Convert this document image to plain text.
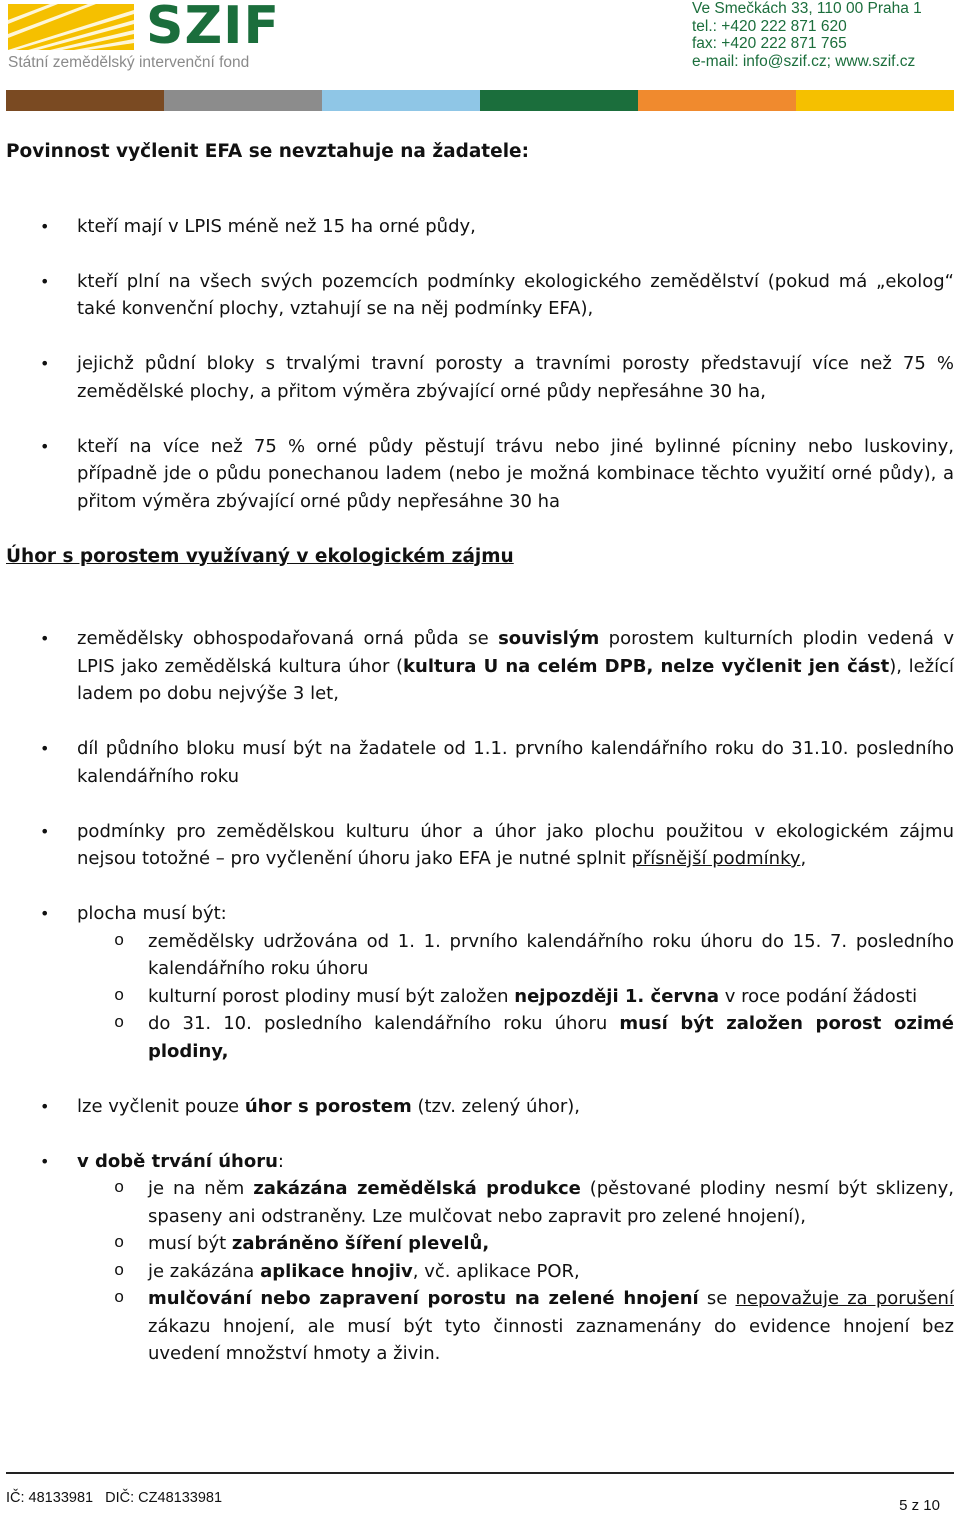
SZIF
Státní zemědělský intervenční fond
Ve Smečkách 33, 110 00 Praha 1
tel.: +420 222 871 620
fax: +420 222 871 765
e-mail: info@szif.cz; www.szif.cz
Povinnost vyčlenit EFA se nevztahuje na žadatele:
• kteří mají v LPIS méně než 15 ha orné půdy,
• kteří plní na všech svých pozemcích podmínky ekologického zemědělství (pokud má „ekolog“ také konvenční plochy, vztahují se na něj podmínky EFA),
• jejichž půdní bloky s trvalými travní porosty a travními porosty představují více než 75 % zemědělské plochy, a přitom výměra zbývající orné půdy nepřesáhne 30 ha,
• kteří na více než 75 % orné půdy pěstují trávu nebo jiné bylinné pícniny nebo luskoviny, případně jde o půdu ponechanou ladem (nebo je možná kombinace těchto využití orné půdy), a přitom výměra zbývající orné půdy nepřesáhne 30 ha
Úhor s porostem využívaný v ekologickém zájmu
• zemědělsky obhospodařovaná orná půda se souvislým porostem kulturních plodin vedená v LPIS jako zemědělská kultura úhor (kultura U na celém DPB, nelze vyčlenit jen část), ležící ladem po dobu nejvýše 3 let,
• díl půdního bloku musí být na žadatele od 1.1. prvního kalendářního roku do 31.10. posledního kalendářního roku
• podmínky pro zemědělskou kulturu úhor a úhor jako plochu použitou v ekologickém zájmu nejsou totožné – pro vyčlenění úhoru jako EFA je nutné splnit přísnější podmínky,
• plocha musí být:
o zemědělsky udržována od 1. 1. prvního kalendářního roku úhoru do 15. 7. posledního kalendářního roku úhoru
o kulturní porost plodiny musí být založen nejpozději 1. června v roce podání žádosti
o do 31. 10. posledního kalendářního roku úhoru musí být založen porost ozimé plodiny,
• lze vyčlenit pouze úhor s porostem (tzv. zelený úhor),
• v době trvání úhoru:
o je na něm zakázána zemědělská produkce (pěstované plodiny nesmí být sklizeny, spaseny ani odstraněny. Lze mulčovat nebo zapravit pro zelené hnojení),
o musí být zabráněno šíření plevelů,
o je zakázána aplikace hnojiv, vč. aplikace POR,
o mulčování nebo zapravení porostu na zelené hnojení se nepovažuje za porušení zákazu hnojení, ale musí být tyto činnosti zaznamenány do evidence hnojení bez uvedení množství hmoty a živin.
IČ: 48133981   DIČ: CZ48133981	5 z 10
